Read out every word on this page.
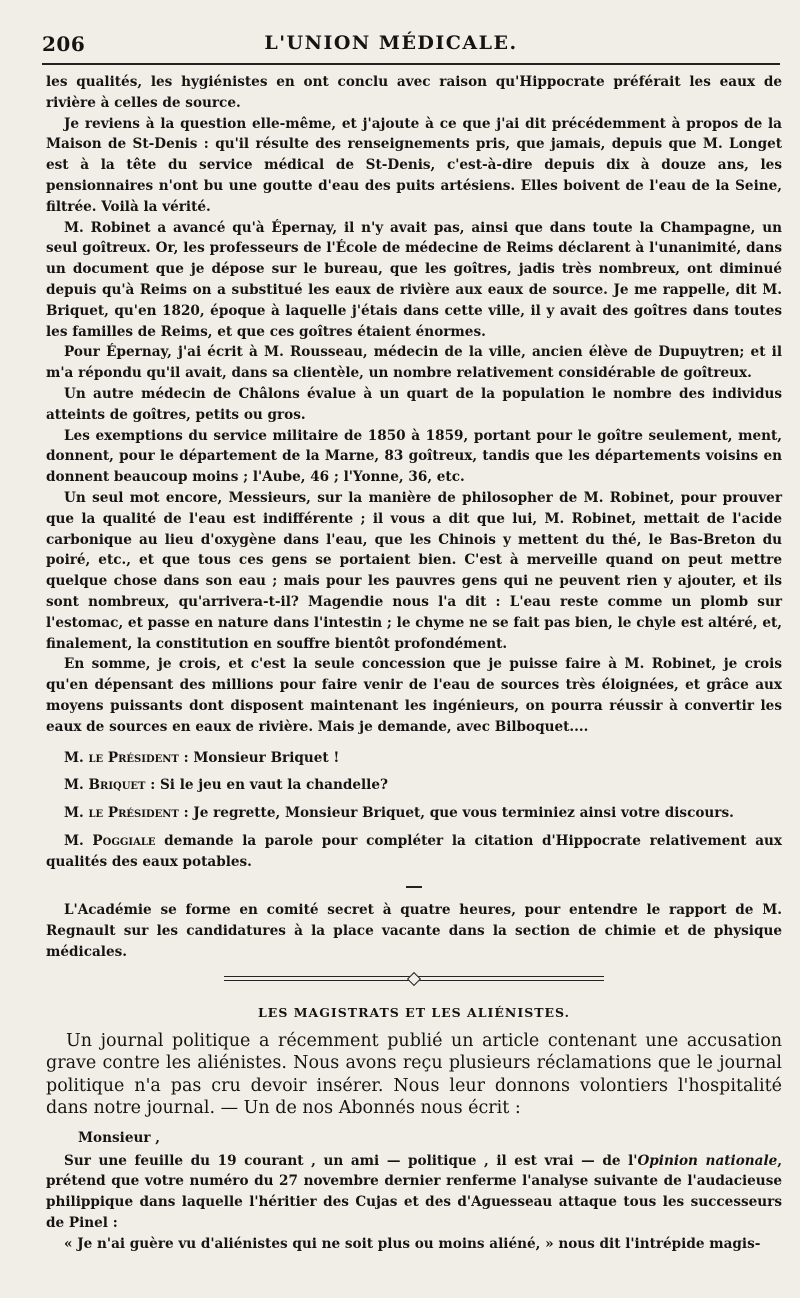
206	L'UNION MÉDICALE.

les qualités, les hygiénistes en ont conclu avec raison qu'Hippocrate préférait les eaux de rivière à celles de source.

Je reviens à la question elle-même, et j'ajoute à ce que j'ai dit précédemment à propos de la Maison de St-Denis : qu'il résulte des renseignements pris, que jamais, depuis que M. Longet est à la tête du service médical de St-Denis, c'est-à-dire depuis dix à douze ans, les pensionnaires n'ont bu une goutte d'eau des puits artésiens. Elles boivent de l'eau de la Seine, filtrée. Voilà la vérité.

M. Robinet a avancé qu'à Épernay, il n'y avait pas, ainsi que dans toute la Champagne, un seul goîtreux. Or, les professeurs de l'École de médecine de Reims déclarent à l'unanimité, dans un document que je dépose sur le bureau, que les goîtres, jadis très nombreux, ont diminué depuis qu'à Reims on a substitué les eaux de rivière aux eaux de source. Je me rappelle, dit M. Briquet, qu'en 1820, époque à laquelle j'étais dans cette ville, il y avait des goîtres dans toutes les familles de Reims, et que ces goîtres étaient énormes.

Pour Épernay, j'ai écrit à M. Rousseau, médecin de la ville, ancien élève de Dupuytren; et il m'a répondu qu'il avait, dans sa clientèle, un nombre relativement considérable de goîtreux.

Un autre médecin de Châlons évalue à un quart de la population le nombre des individus atteints de goîtres, petits ou gros.

Les exemptions du service militaire de 1850 à 1859, portant pour le goître seulement, ment, donnent, pour le département de la Marne, 83 goîtreux, tandis que les départements voisins en donnent beaucoup moins ; l'Aube, 46 ; l'Yonne, 36, etc.

Un seul mot encore, Messieurs, sur la manière de philosopher de M. Robinet, pour prouver que la qualité de l'eau est indifférente ; il vous a dit que lui, M. Robinet, mettait de l'acide carbonique au lieu d'oxygène dans l'eau, que les Chinois y mettent du thé, le Bas-Breton du poiré, etc., et que tous ces gens se portaient bien. C'est à merveille quand on peut mettre quelque chose dans son eau ; mais pour les pauvres gens qui ne peuvent rien y ajouter, et ils sont nombreux, qu'arrivera-t-il? Magendie nous l'a dit : L'eau reste comme un plomb sur l'estomac, et passe en nature dans l'intestin ; le chyme ne se fait pas bien, le chyle est altéré, et, finalement, la constitution en souffre bientôt profondément.

En somme, je crois, et c'est la seule concession que je puisse faire à M. Robinet, je crois qu'en dépensant des millions pour faire venir de l'eau de sources très éloignées, et grâce aux moyens puissants dont disposent maintenant les ingénieurs, on pourra réussir à convertir les eaux de sources en eaux de rivière. Mais je demande, avec Bilboquet....

M. le Président : Monsieur Briquet !

M. Briquet : Si le jeu en vaut la chandelle?

M. le Président : Je regrette, Monsieur Briquet, que vous terminiez ainsi votre discours.

M. Poggiale demande la parole pour compléter la citation d'Hippocrate relativement aux qualités des eaux potables.

L'Académie se forme en comité secret à quatre heures, pour entendre le rapport de M. Regnault sur les candidatures à la place vacante dans la section de chimie et de physique médicales.

LES MAGISTRATS ET LES ALIÉNISTES.

Un journal politique a récemment publié un article contenant une accusation grave contre les aliénistes. Nous avons reçu plusieurs réclamations que le journal politique n'a pas cru devoir insérer. Nous leur donnons volontiers l'hospitalité dans notre journal. — Un de nos Abonnés nous écrit :

Monsieur ,

Sur une feuille du 19 courant , un ami — politique , il est vrai — de l'Opinion nationale, prétend que votre numéro du 27 novembre dernier renferme l'analyse suivante de l'audacieuse philippique dans laquelle l'héritier des Cujas et des d'Aguesseau attaque tous les successeurs de Pinel :

« Je n'ai guère vu d'aliénistes qui ne soit plus ou moins aliéné, » nous dit l'intrépide magis-
